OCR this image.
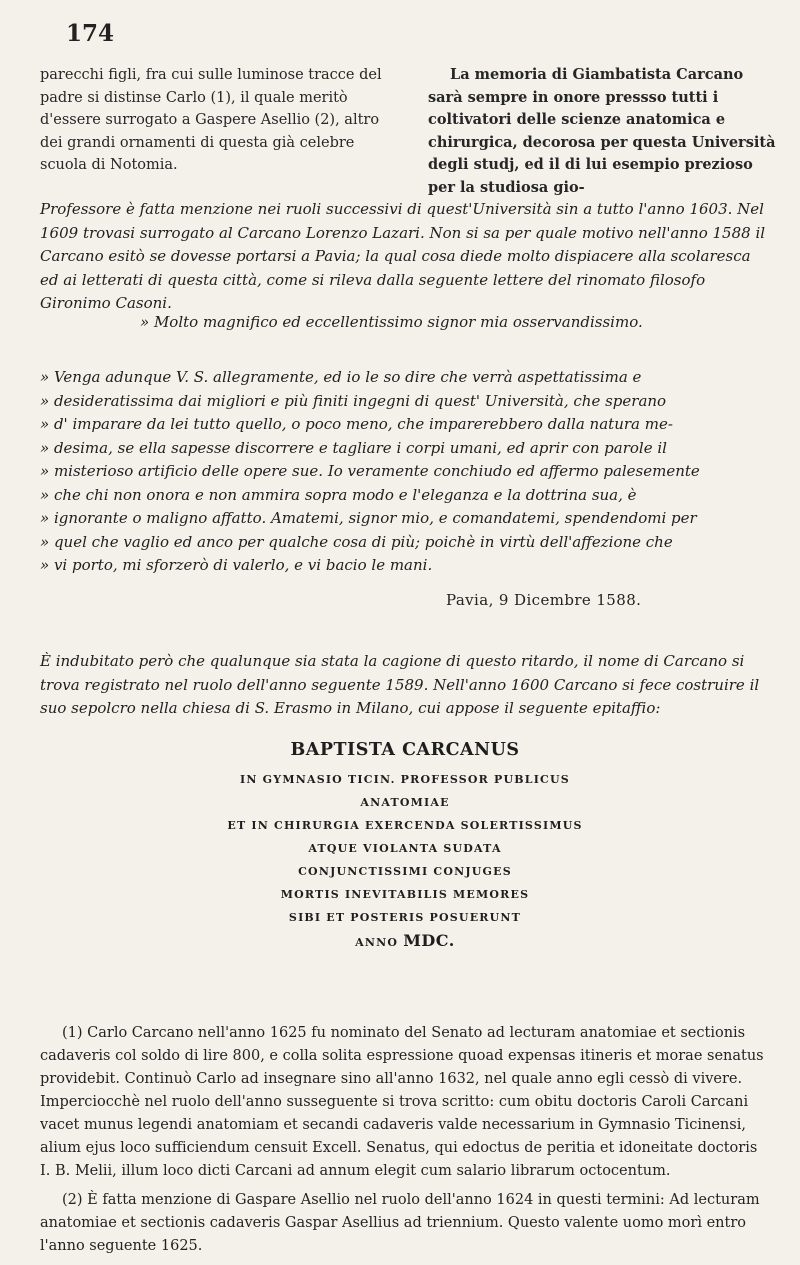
174

parecchi figli, fra cui sulle luminose tracce del padre si distinse Carlo (1), il quale meritò d'essere surrogato a Gaspere Asellio (2), altro dei grandi ornamenti di questa già celebre scuola di Notomia.

La memoria di Giambatista Carcano sarà sempre in onore pressso tutti i coltivatori delle scienze anatomica e chirurgica, decorosa per questa Università degli studj, ed il di lui esempio prezioso per la studiosa gio-

Professore è fatta menzione nei ruoli successivi di quest'Università sin a tutto l'anno 1603. Nel 1609 trovasi surrogato al Carcano Lorenzo Lazari. Non si sa per quale motivo nell'anno 1588 il Carcano esitò se dovesse portarsi a Pavia; la qual cosa diede molto dispiacere alla scolaresca ed ai letterati di questa città, come si rileva dalla seguente lettere del rinomato filosofo Gironimo Casoni.
» Molto magnifico ed eccellentissimo signor mia osservandissimo.
» Venga adunque V. S. allegramente, ed io le so dire che verrà aspettatissima e
» desideratissima dai migliori e più finiti ingegni di quest' Università, che sperano
» d' imparare da lei tutto quello, o poco meno, che imparerebbero dalla natura me-
» desima, se ella sapesse discorrere e tagliare i corpi umani, ed aprir con parole il
» misterioso artificio delle opere sue. Io veramente conchiudo ed affermo palesemente
» che chi non onora e non ammira sopra modo e l'eleganza e la dottrina sua, è
» ignorante o maligno affatto. Amatemi, signor mio, e comandatemi, spendendomi per
» quel che vaglio ed anco per qualche cosa di più; poichè in virtù dell'affezione che
» vi porto, mi sforzerò di valerlo, e vi bacio le mani.
Pavia, 9 Dicembre 1588.
È indubitato però che qualunque sia stata la cagione di questo ritardo, il nome di Carcano si trova registrato nel ruolo dell'anno seguente 1589. Nell'anno 1600 Carcano si fece costruire il suo sepolcro nella chiesa di S. Erasmo in Milano, cui appose il seguente epitaffio:
BAPTISTA CARCANUS
IN GYMNASIO TICIN. PROFESSOR PUBLICUS
ANATOMIAE
ET IN CHIRURGIA EXERCENDA SOLERTISSIMUS
ATQUE VIOLANTA SUDATA
CONJUNCTISSIMI CONJUGES
MORTIS INEVITABILIS MEMORES
SIBI ET POSTERIS POSUERUNT
ANNO MDC.

(1) Carlo Carcano nell'anno 1625 fu nominato del Senato ad lecturam anatomiae et sectionis cadaveris col soldo di lire 800, e colla solita espressione quoad expensas itineris et morae senatus providebit. Continuò Carlo ad insegnare sino all'anno 1632, nel quale anno egli cessò di vivere. Imperciocchè nel ruolo dell'anno susseguente si trova scritto: cum obitu doctoris Caroli Carcani vacet munus legendi anatomiam et secandi cadaveris valde necessarium in Gymnasio Ticinensi, alium ejus loco sufficiendum censuit Excell. Senatus, qui edoctus de peritia et idoneitate doctoris I. B. Melii, illum loco dicti Carcani ad annum elegit cum salario librarum octocentum.

(2) È fatta menzione di Gaspare Asellio nel ruolo dell'anno 1624 in questi termini: Ad lecturam anatomiae et sectionis cadaveris Gaspar Asellius ad triennium. Questo valente uomo morì entro l'anno seguente 1625.
